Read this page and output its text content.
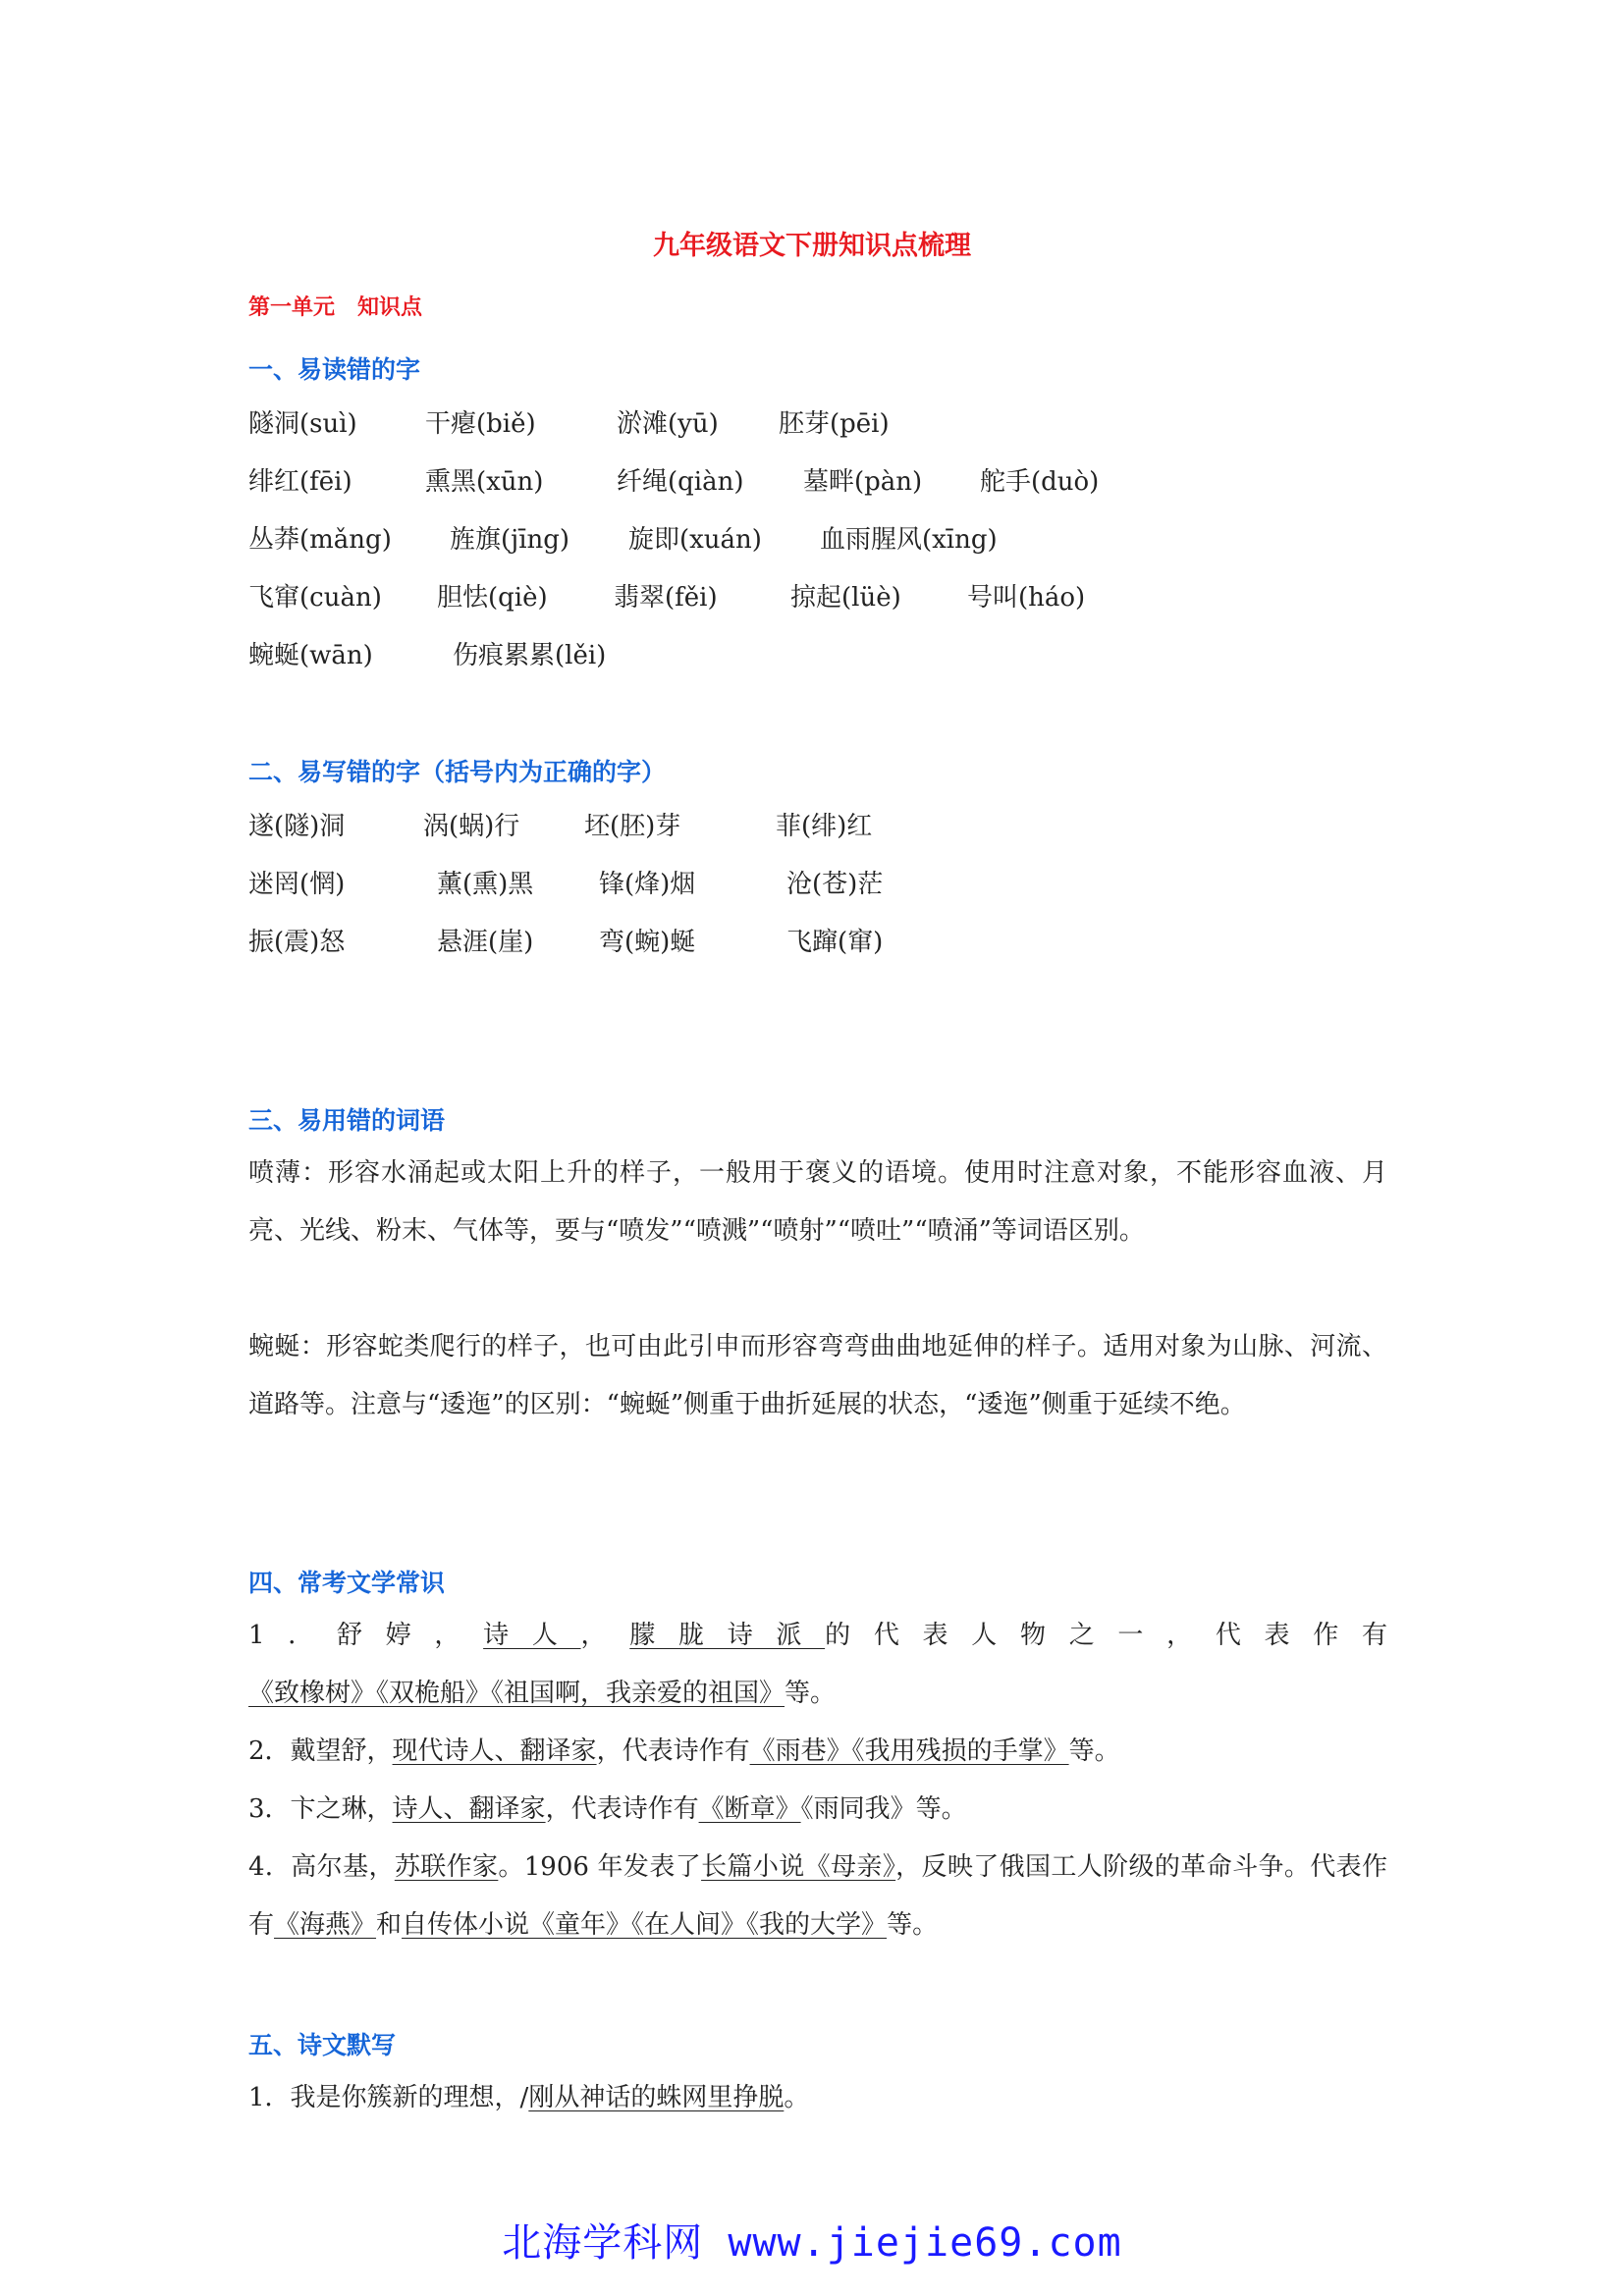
九年级语文下册知识点梳理
第一单元   知识点
一、易读错的字
隧洞(suì)	干瘪(biě)	淤滩(yū) 胚芽(pēi)
绯红(fēi)	熏黑(xūn)	纤绳(qiàn) 墓畔(pàn) 舵手(duò)
丛莽(mǎng) 旌旗(jīng) 旋即(xuán) 血雨腥风(xīng)
飞窜(cuàn) 胆怯(qiè)	翡翠(fěi)	掠起(lüè)	号叫(háo)
蜿蜒(wān)	伤痕累累(lěi)
二、易写错的字（括号内为正确的字）
遂(隧)洞	涡(蜗)行	坯(胚)芽	菲(绯)红
迷罔(惘)	薰(熏)黑	锋(烽)烟	沧(苍)茫
振(震)怒	悬涯(崖)	弯(蜿)蜒	飞蹿(窜)
三、易用错的词语

喷薄：形容水涌起或太阳上升的样子，一般用于褒义的语境。使用时注意对象，不能形容血液、月亮、光线、粉末、气体等，要与“喷发”“喷溅”“喷射”“喷吐”“喷涌”等词语区别。

蜿蜒：形容蛇类爬行的样子，也可由此引申而形容弯弯曲曲地延伸的样子。适用对象为山脉、河流、道路等。注意与“逶迤”的区别：“蜿蜒”侧重于曲折延展的状态，“逶迤”侧重于延续不绝。

四、常考文学常识

1．舒婷，诗人，朦胧诗派的代表人物之一，代表作有《致橡树》《双桅船》《祖国啊，我亲爱的祖国》等。

2．戴望舒，现代诗人、翻译家，代表诗作有《雨巷》《我用残损的手掌》等。

3．卞之琳，诗人、翻译家，代表诗作有《断章》《雨同我》等。

4．高尔基，苏联作家。1906 年发表了长篇小说《母亲》，反映了俄国工人阶级的革命斗争。代表作有《海燕》和自传体小说《童年》《在人间》《我的大学》等。

五、诗文默写

1．我是你簇新的理想，/刚从神话的蛛网里挣脱。

北海学科网 www.jiejie69.com
